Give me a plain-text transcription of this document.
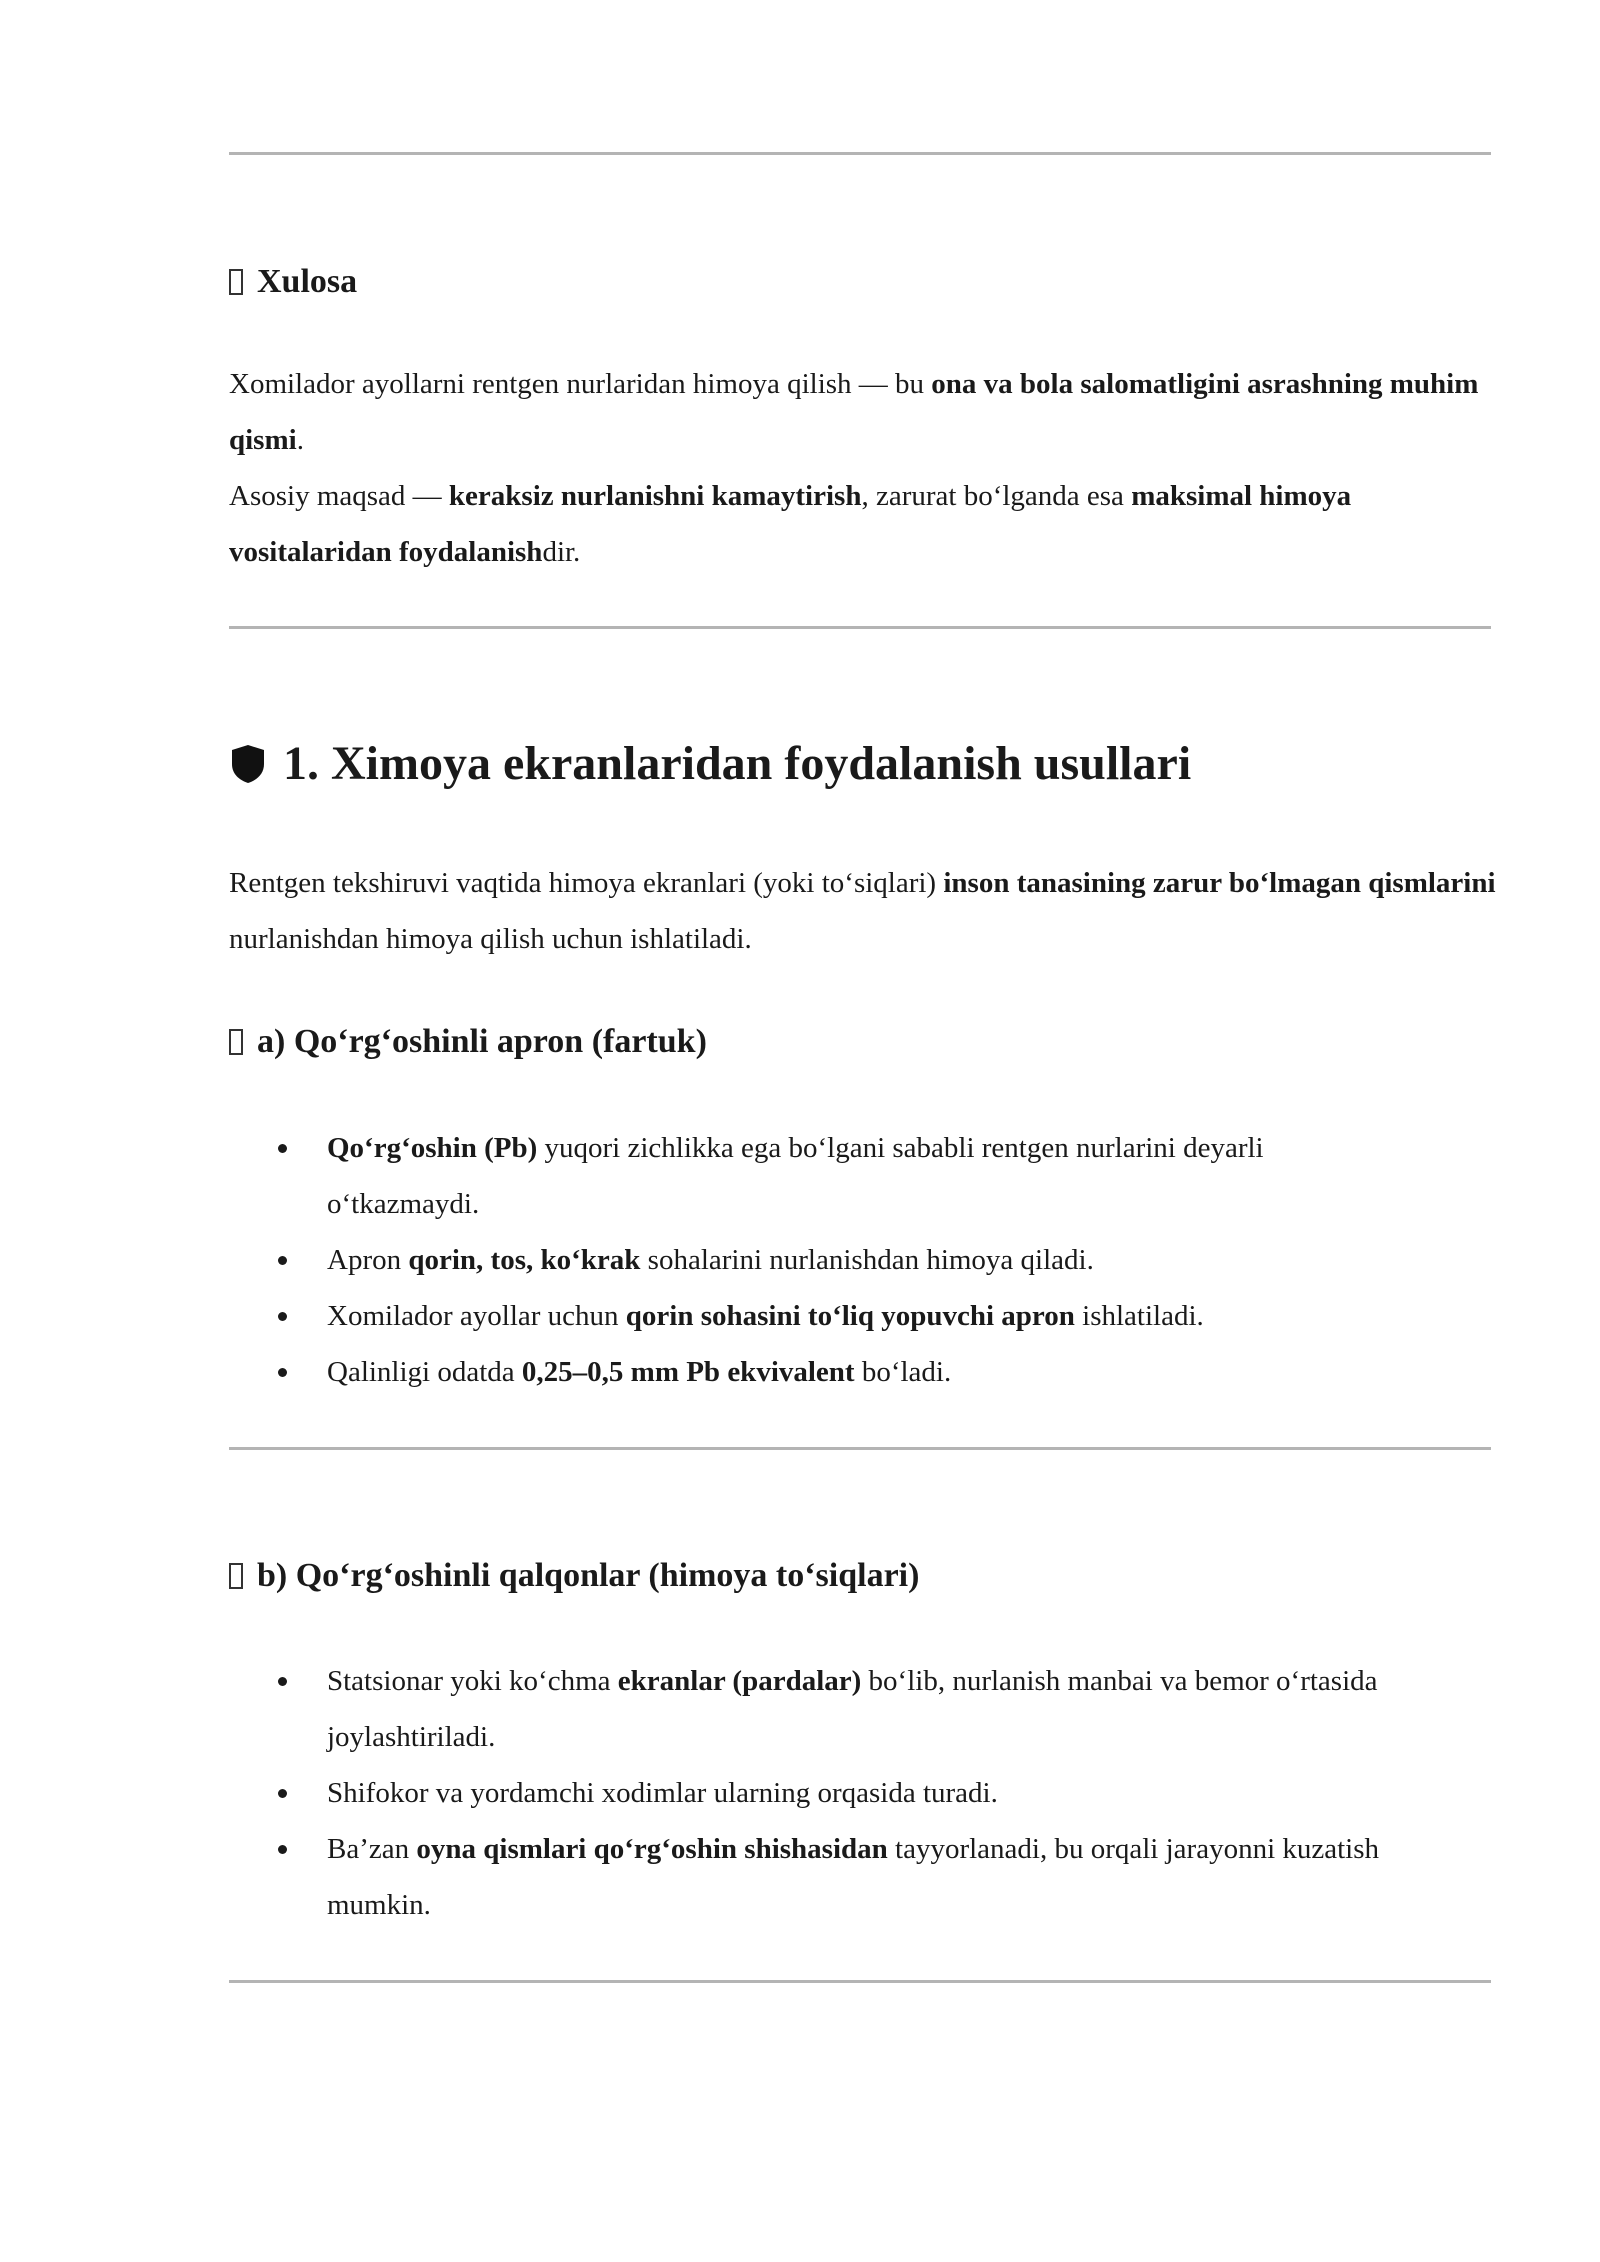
Xulosa

Xomilador ayollarni rentgen nurlaridan himoya qilish — bu ona va bola salomatligini asrashning muhim qismi.

Asosiy maqsad — keraksiz nurlanishni kamaytirish, zarurat bo‘lganda esa maksimal himoya vositalaridan foydalanishdir.

1. Ximoya ekranlaridan foydalanish usullari

Rentgen tekshiruvi vaqtida himoya ekranlari (yoki to‘siqlari) inson tanasining zarur bo‘lmagan qismlarini nurlanishdan himoya qilish uchun ishlatiladi.

a) Qo‘rg‘oshinli apron (fartuk)
Qo‘rg‘oshin (Pb) yuqori zichlikka ega bo‘lgani sababli rentgen nurlarini deyarli o‘tkazmaydi.
Apron qorin, tos, ko‘krak sohalarini nurlanishdan himoya qiladi.
Xomilador ayollar uchun qorin sohasini to‘liq yopuvchi apron ishlatiladi.
Qalinligi odatda 0,25–0,5 mm Pb ekvivalent bo‘ladi.
b) Qo‘rg‘oshinli qalqonlar (himoya to‘siqlari)
Statsionar yoki ko‘chma ekranlar (pardalar) bo‘lib, nurlanish manbai va bemor o‘rtasida joylashtiriladi.
Shifokor va yordamchi xodimlar ularning orqasida turadi.
Ba’zan oyna qismlari qo‘rg‘oshin shishasidan tayyorlanadi, bu orqali jarayonni kuzatish mumkin.
